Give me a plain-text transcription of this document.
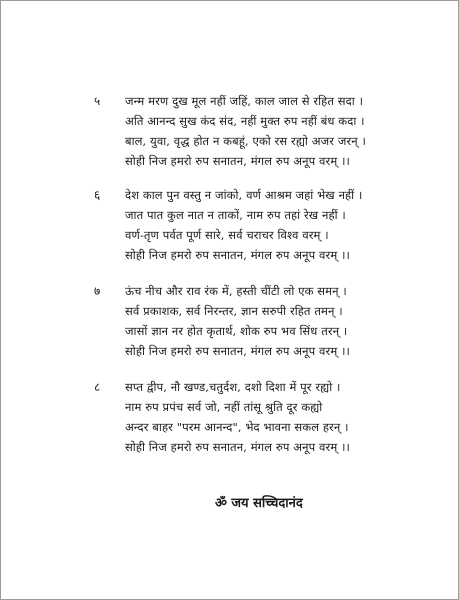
५ जन्म मरण दुख मूल नहीं जहिं, काल जाल से रहित सदा ।
अति आनन्द सुख कंद संद, नहीं मुक्त रुप नहीं बंध कदा ।
बाल, युवा, वृद्ध होत न कबहूं, एको रस रह्यो अजर जरन् ।
सोही निज हमरो रुप सनातन, मंगल रुप अनूप वरम् ।।
६ देश काल पुन वस्तु न जांको, वर्ण आश्रम जहां भेख नहीं ।
जात पात कुल नात न ताकों, नाम रुप तहां रेख नहीं ।
वर्ण-तृण पर्वत पूर्ण सारे, सर्व चराचर विश्व वरम् ।
सोही निज हमरो रुप सनातन, मंगल रुप अनूप वरम् ।।
७ ऊंच नीच और राव रंक में, हस्ती चींटी लो एक समन् ।
सर्व प्रकाशक, सर्व निरन्तर, ज्ञान सरुपी रहित तमन् ।
जासों ज्ञान नर होत कृतार्थ, शोक रुप भव सिंध तरन् ।
सोही निज हमरो रुप सनातन, मंगल रुप अनूप वरम् ।।
८ सप्त द्वीप, नौ खण्ड,चतुर्दश, दशो दिशा में पूर रह्यो ।
नाम रुप प्रपंच सर्व जो, नहीं तांसू श्रुति दूर कह्यो
अन्दर बाहर "परम आनन्द", भेद भावना सकल हरन् ।
सोही निज हमरो रुप सनातन, मंगल रुप अनूप वरम् ।।
ॐ जय सच्चिदानंद
